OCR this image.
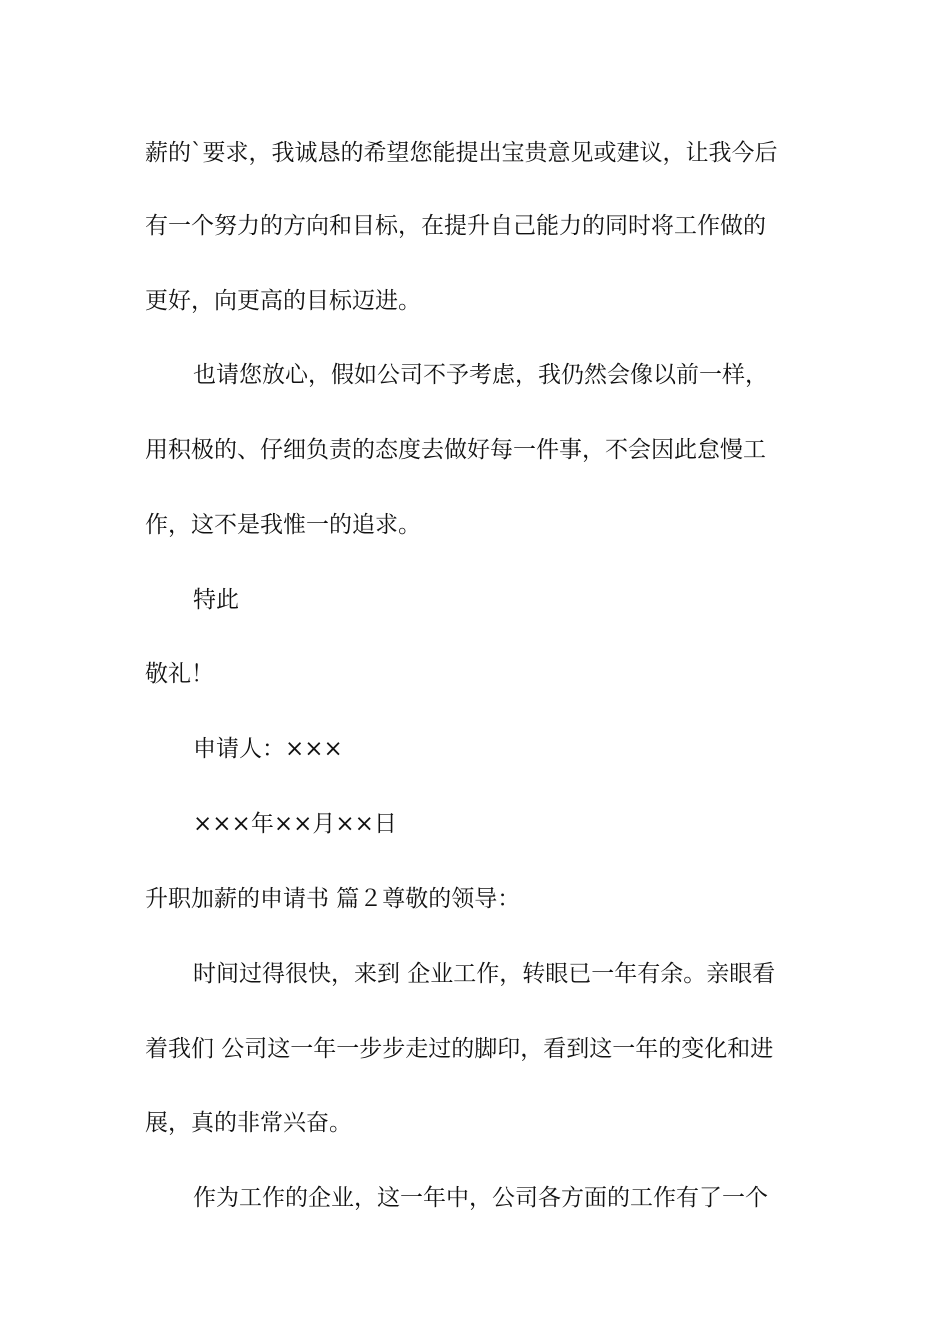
薪的`要求，我诚恳的希望您能提出宝贵意见或建议，让我今后
有一个努力的方向和目标，在提升自己能力的同时将工作做的
更好，向更高的目标迈进。
也请您放心，假如公司不予考虑，我仍然会像以前一样，
用积极的、仔细负责的态度去做好每一件事，不会因此怠慢工
作，这不是我惟一的追求。
特此
敬礼！
申请人：×××
×××年××月××日
升职加薪的申请书 篇２尊敬的领导：
时间过得很快，来到 企业工作，转眼已一年有余。亲眼看
着我们 公司这一年一步步走过的脚印，看到这一年的变化和进
展，真的非常兴奋。
作为工作的企业，这一年中，公司各方面的工作有了一个
